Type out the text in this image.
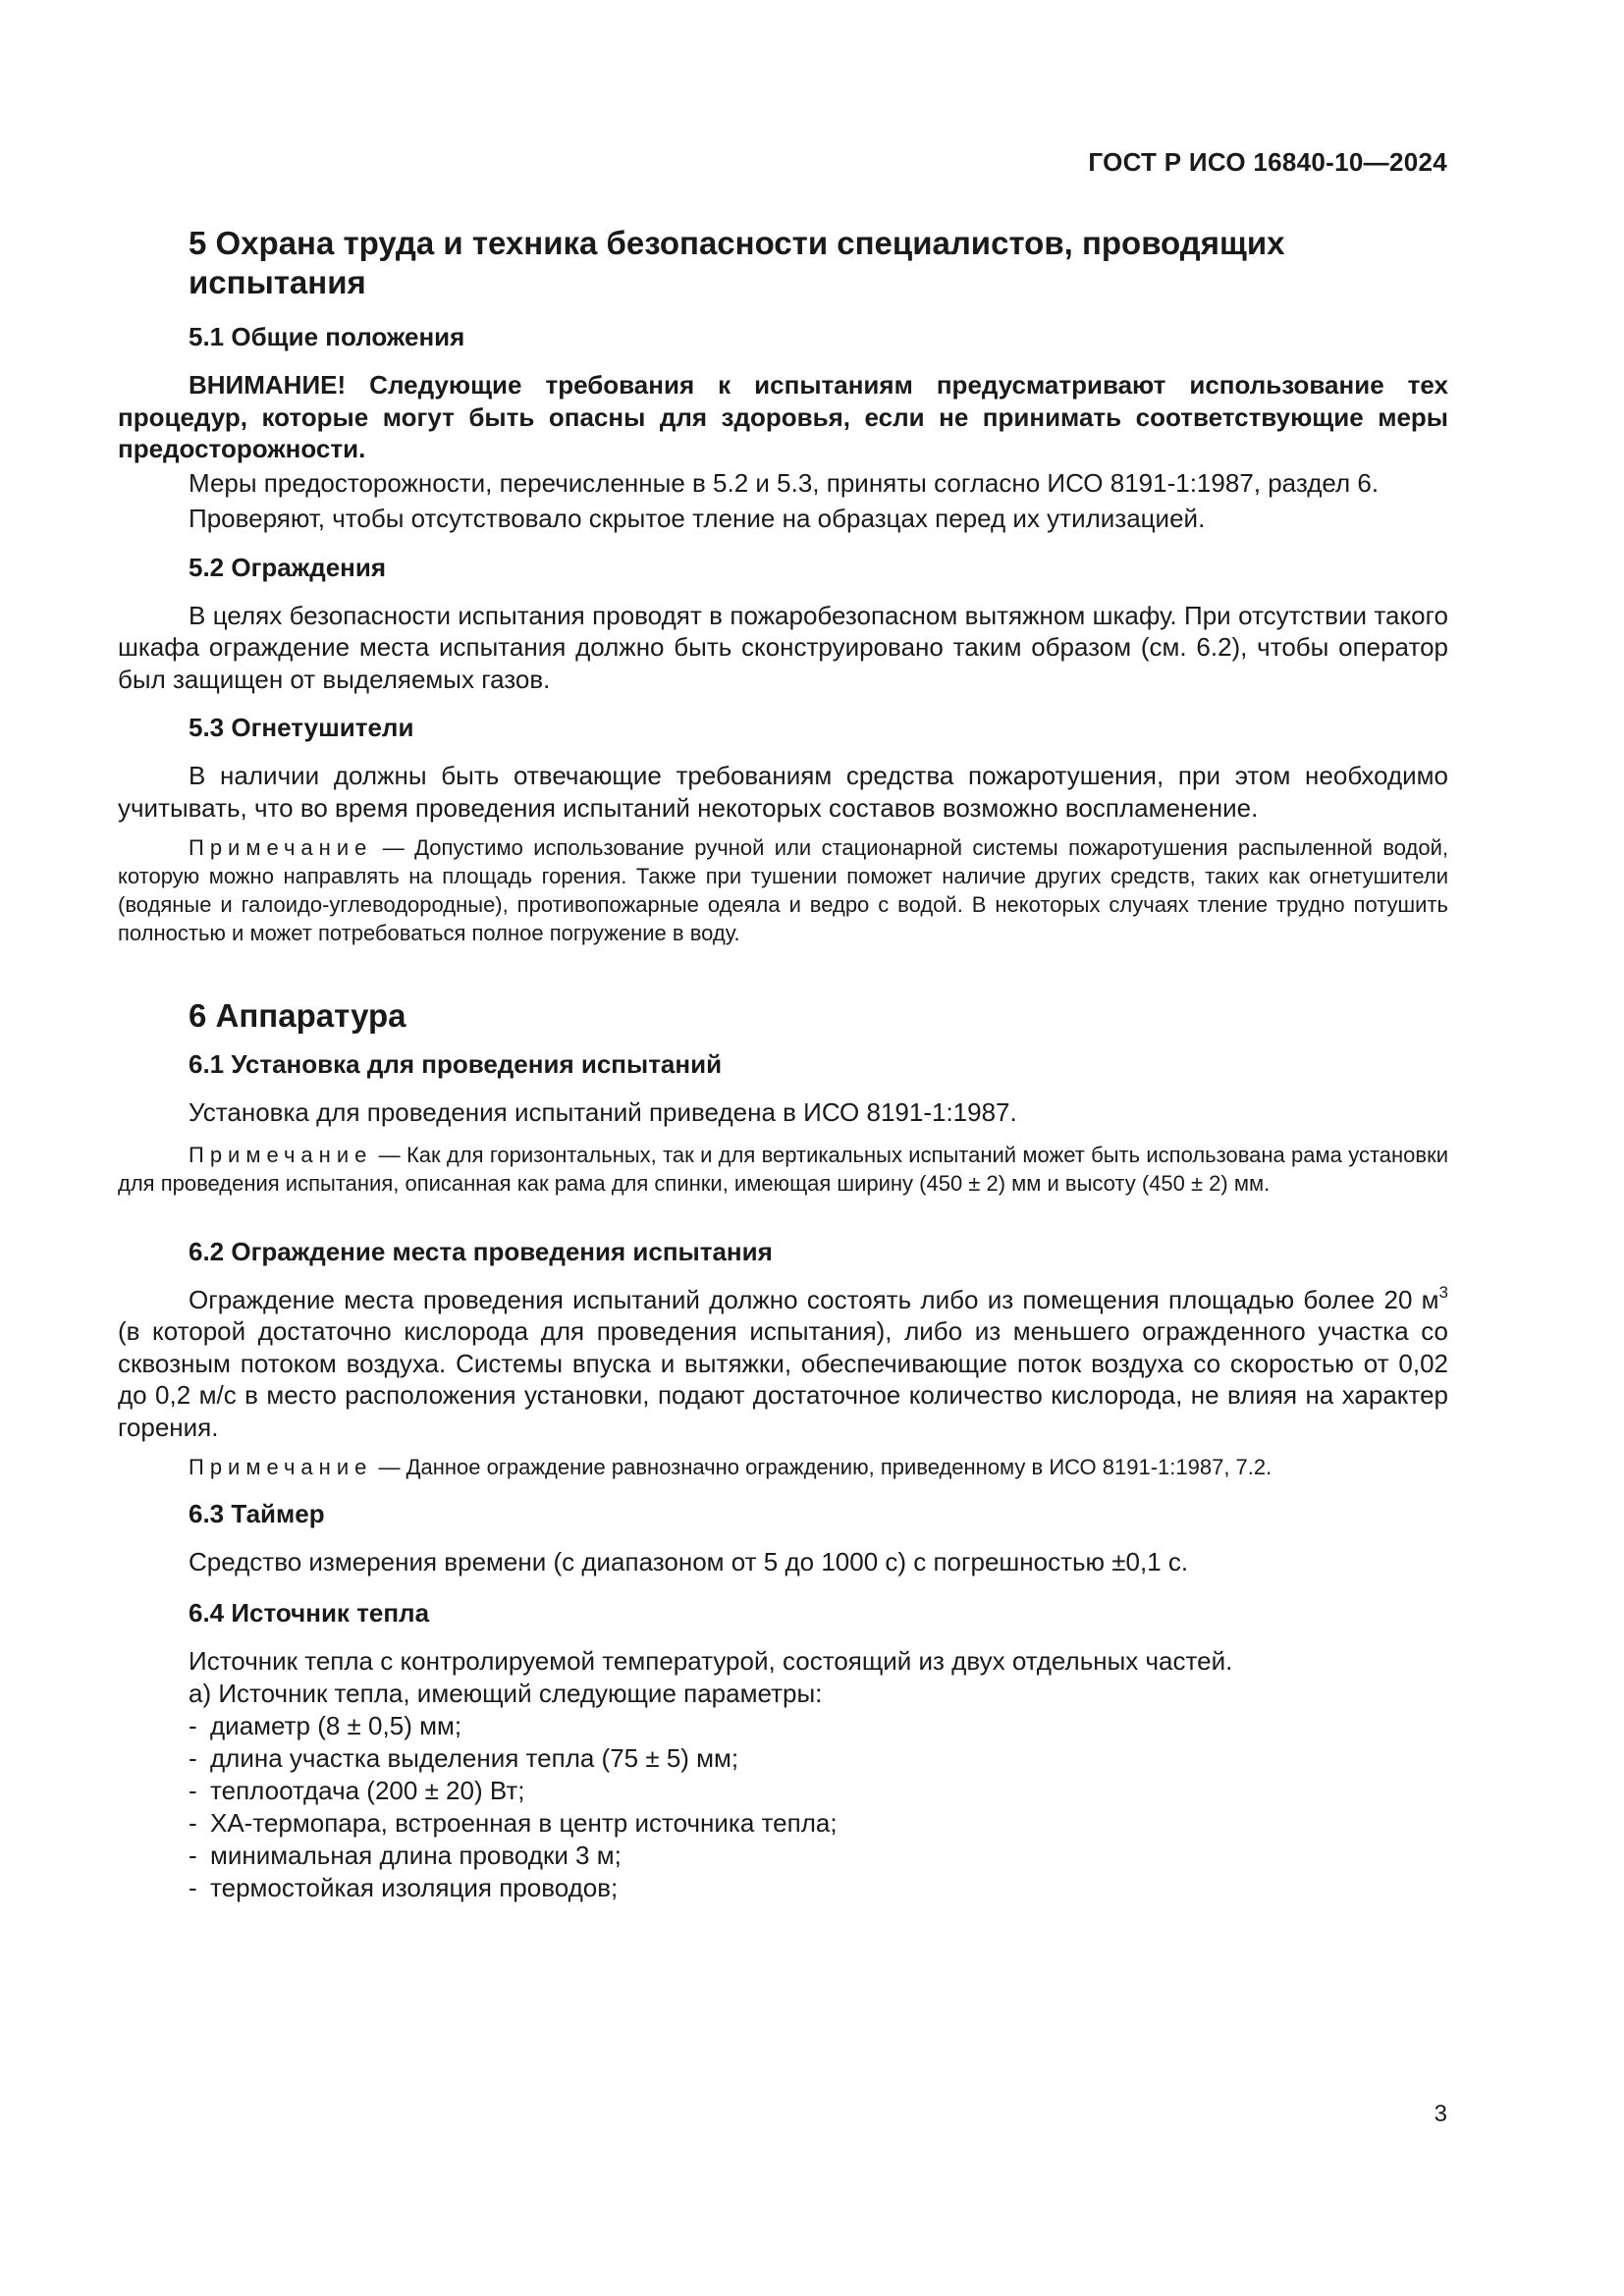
ГОСТ Р ИСО 16840-10—2024

5 Охрана труда и техника безопасности специалистов, проводящих испытания

5.1 Общие положения

ВНИМАНИЕ! Следующие требования к испытаниям предусматривают использование тех процедур, которые могут быть опасны для здоровья, если не принимать соответствующие меры предосторожности.

Меры предосторожности, перечисленные в 5.2 и 5.3, приняты согласно ИСО 8191-1:1987, раздел 6.

Проверяют, чтобы отсутствовало скрытое тление на образцах перед их утилизацией.

5.2 Ограждения

В целях безопасности испытания проводят в пожаробезопасном вытяжном шкафу. При отсутствии такого шкафа ограждение места испытания должно быть сконструировано таким образом (см. 6.2), чтобы оператор был защищен от выделяемых газов.

5.3 Огнетушители

В наличии должны быть отвечающие требованиям средства пожаротушения, при этом необходимо учитывать, что во время проведения испытаний некоторых составов возможно воспламенение.

Примечание — Допустимо использование ручной или стационарной системы пожаротушения распыленной водой, которую можно направлять на площадь горения. Также при тушении поможет наличие других средств, таких как огнетушители (водяные и галоидо-углеводородные), противопожарные одеяла и ведро с водой. В некоторых случаях тление трудно потушить полностью и может потребоваться полное погружение в воду.

6 Аппаратура

6.1 Установка для проведения испытаний

Установка для проведения испытаний приведена в ИСО 8191-1:1987.

Примечание — Как для горизонтальных, так и для вертикальных испытаний может быть использована рама установки для проведения испытания, описанная как рама для спинки, имеющая ширину (450 ± 2) мм и высоту (450 ± 2) мм.

6.2 Ограждение места проведения испытания

Ограждение места проведения испытаний должно состоять либо из помещения площадью более 20 $м^3$ (в которой достаточно кислорода для проведения испытания), либо из меньшего огражденного участка со сквозным потоком воздуха. Системы впуска и вытяжки, обеспечивающие поток воздуха со скоростью от 0,02 до 0,2 м/с в место расположения установки, подают достаточное количество кислорода, не влияя на характер горения.

Примечание — Данное ограждение равнозначно ограждению, приведенному в ИСО 8191-1:1987, 7.2.

6.3 Таймер

Средство измерения времени (с диапазоном от 5 до 1000 с) с погрешностью ±0,1 с.

6.4 Источник тепла

Источник тепла с контролируемой температурой, состоящий из двух отдельных частей.

а) Источник тепла, имеющий следующие параметры:

- диаметр (8 ± 0,5) мм;

- длина участка выделения тепла (75 ± 5) мм;

- теплоотдача (200 ± 20) Вт;

- ХА-термопара, встроенная в центр источника тепла;

- минимальная длина проводки 3 м;

- термостойкая изоляция проводов;

3
